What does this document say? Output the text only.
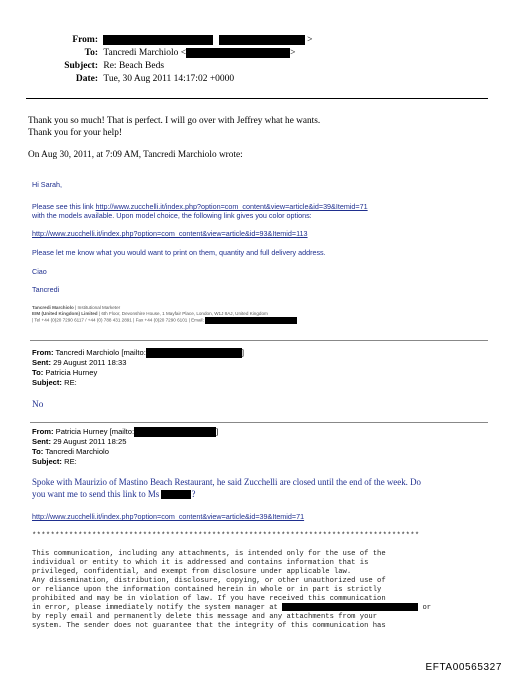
From:	>
To: Tancredi Marchiolo <	>
Subject: Re: Beach Beds
Date: Tue, 30 Aug 2011 14:17:02 +0000
Thank you so much! That is perfect. I will go over with Jeffrey what he wants.
Thank you for your help!
On Aug 30, 2011, at 7:09 AM, Tancredi Marchiolo wrote:
Hi Sarah,
Please see this link http://www.zucchelli.it/index.php?option=com_content&view=article&id=39&Itemid=71
with the models available. Upon model choice, the following link gives you color options:
http://www.zucchelli.it/index.php?option=com_content&view=article&id=93&Itemid=113
Please let me know what you would want to print on them, quantity and full delivery address.
Ciao
Tancredi
Tancredi Marchiolo | Institutional Marketer
EIM (United Kingdom) Limited | 6th Floor, Devonshire House, 1 Mayfair Place, London, W1J 8AJ, United Kingdom
| Tel +44 (0)20 7290 6117 / +44 (0) 788 431 2891 | Fax +44 (0)20 7290 6101 | Email:
From: Tancredi Marchiolo [mailto:	]
Sent: 29 August 2011 18:33
To: Patricia Hurney
Subject: RE:
No
From: Patricia Hurney [mailto:	]
Sent: 29 August 2011 18:25
To: Tancredi Marchiolo
Subject: RE:
Spoke with Maurizio of Mastino Beach Restaurant, he said Zucchelli are closed until the end of the week. Do
you want me to send this link to Ms	?
http://www.zucchelli.it/index.php?option=com_content&view=article&id=39&Itemid=71
************************************************************************************
This communication, including any attachments, is intended only for the use of the
individual or entity to which it is addressed and contains information that is
privileged, confidential, and exempt from disclosure under applicable law.
Any dissemination, distribution, disclosure, copying, or other unauthorized use of
or reliance upon the information contained herein in whole or in part is strictly
prohibited and may be in violation of law. If you have received this communication
in error, please immediately notify the system manager at	or
by reply email and permanently delete this message and any attachments from your
system. The sender does not guarantee that the integrity of this communication has
EFTA00565327
